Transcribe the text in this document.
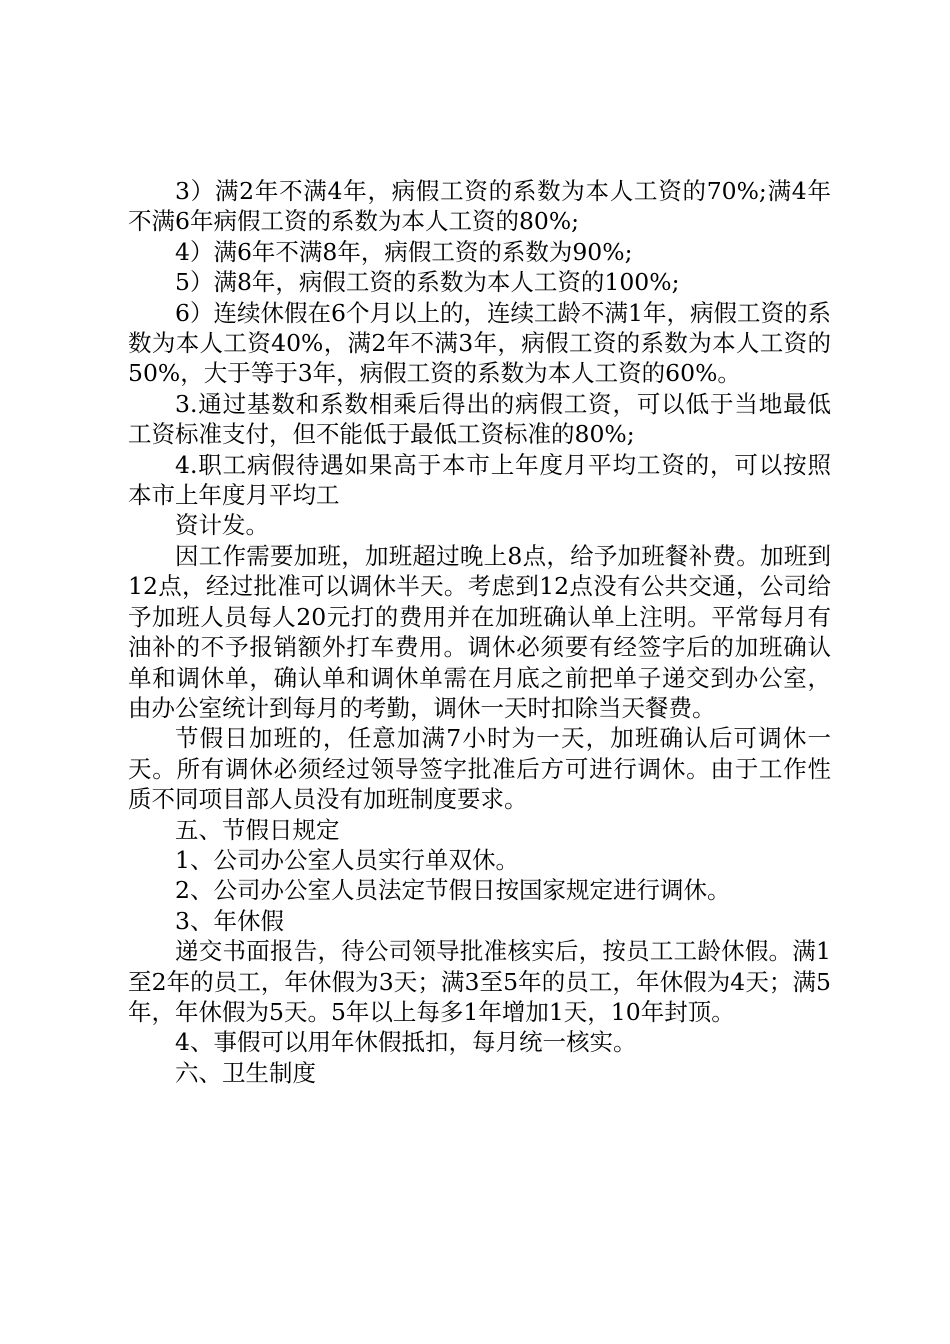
3）满2年不满4年，病假工资的系数为本人工资的70%;满4年不满6年病假工资的系数为本人工资的80%;

4）满6年不满8年，病假工资的系数为90%;

5）满8年，病假工资的系数为本人工资的100%;

6）连续休假在6个月以上的，连续工龄不满1年，病假工资的系数为本人工资40%，满2年不满3年，病假工资的系数为本人工资的50%，大于等于3年，病假工资的系数为本人工资的60%。

3.通过基数和系数相乘后得出的病假工资，可以低于当地最低工资标准支付，但不能低于最低工资标准的80%;

4.职工病假待遇如果高于本市上年度月平均工资的，可以按照本市上年度月平均工

资计发。

因工作需要加班，加班超过晚上8点，给予加班餐补费。加班到12点，经过批准可以调休半天。考虑到12点没有公共交通，公司给予加班人员每人20元打的费用并在加班确认单上注明。平常每月有油补的不予报销额外打车费用。调休必须要有经签字后的加班确认单和调休单，确认单和调休单需在月底之前把单子递交到办公室，由办公室统计到每月的考勤，调休一天时扣除当天餐费。

节假日加班的，任意加满7小时为一天，加班确认后可调休一天。所有调休必须经过领导签字批准后方可进行调休。由于工作性质不同项目部人员没有加班制度要求。

五、节假日规定

1、公司办公室人员实行单双休。

2、公司办公室人员法定节假日按国家规定进行调休。

3、年休假

递交书面报告，待公司领导批准核实后，按员工工龄休假。满1至2年的员工，年休假为3天；满3至5年的员工，年休假为4天；满5年，年休假为5天。5年以上每多1年增加1天，10年封顶。

4、事假可以用年休假抵扣，每月统一核实。

六、卫生制度
